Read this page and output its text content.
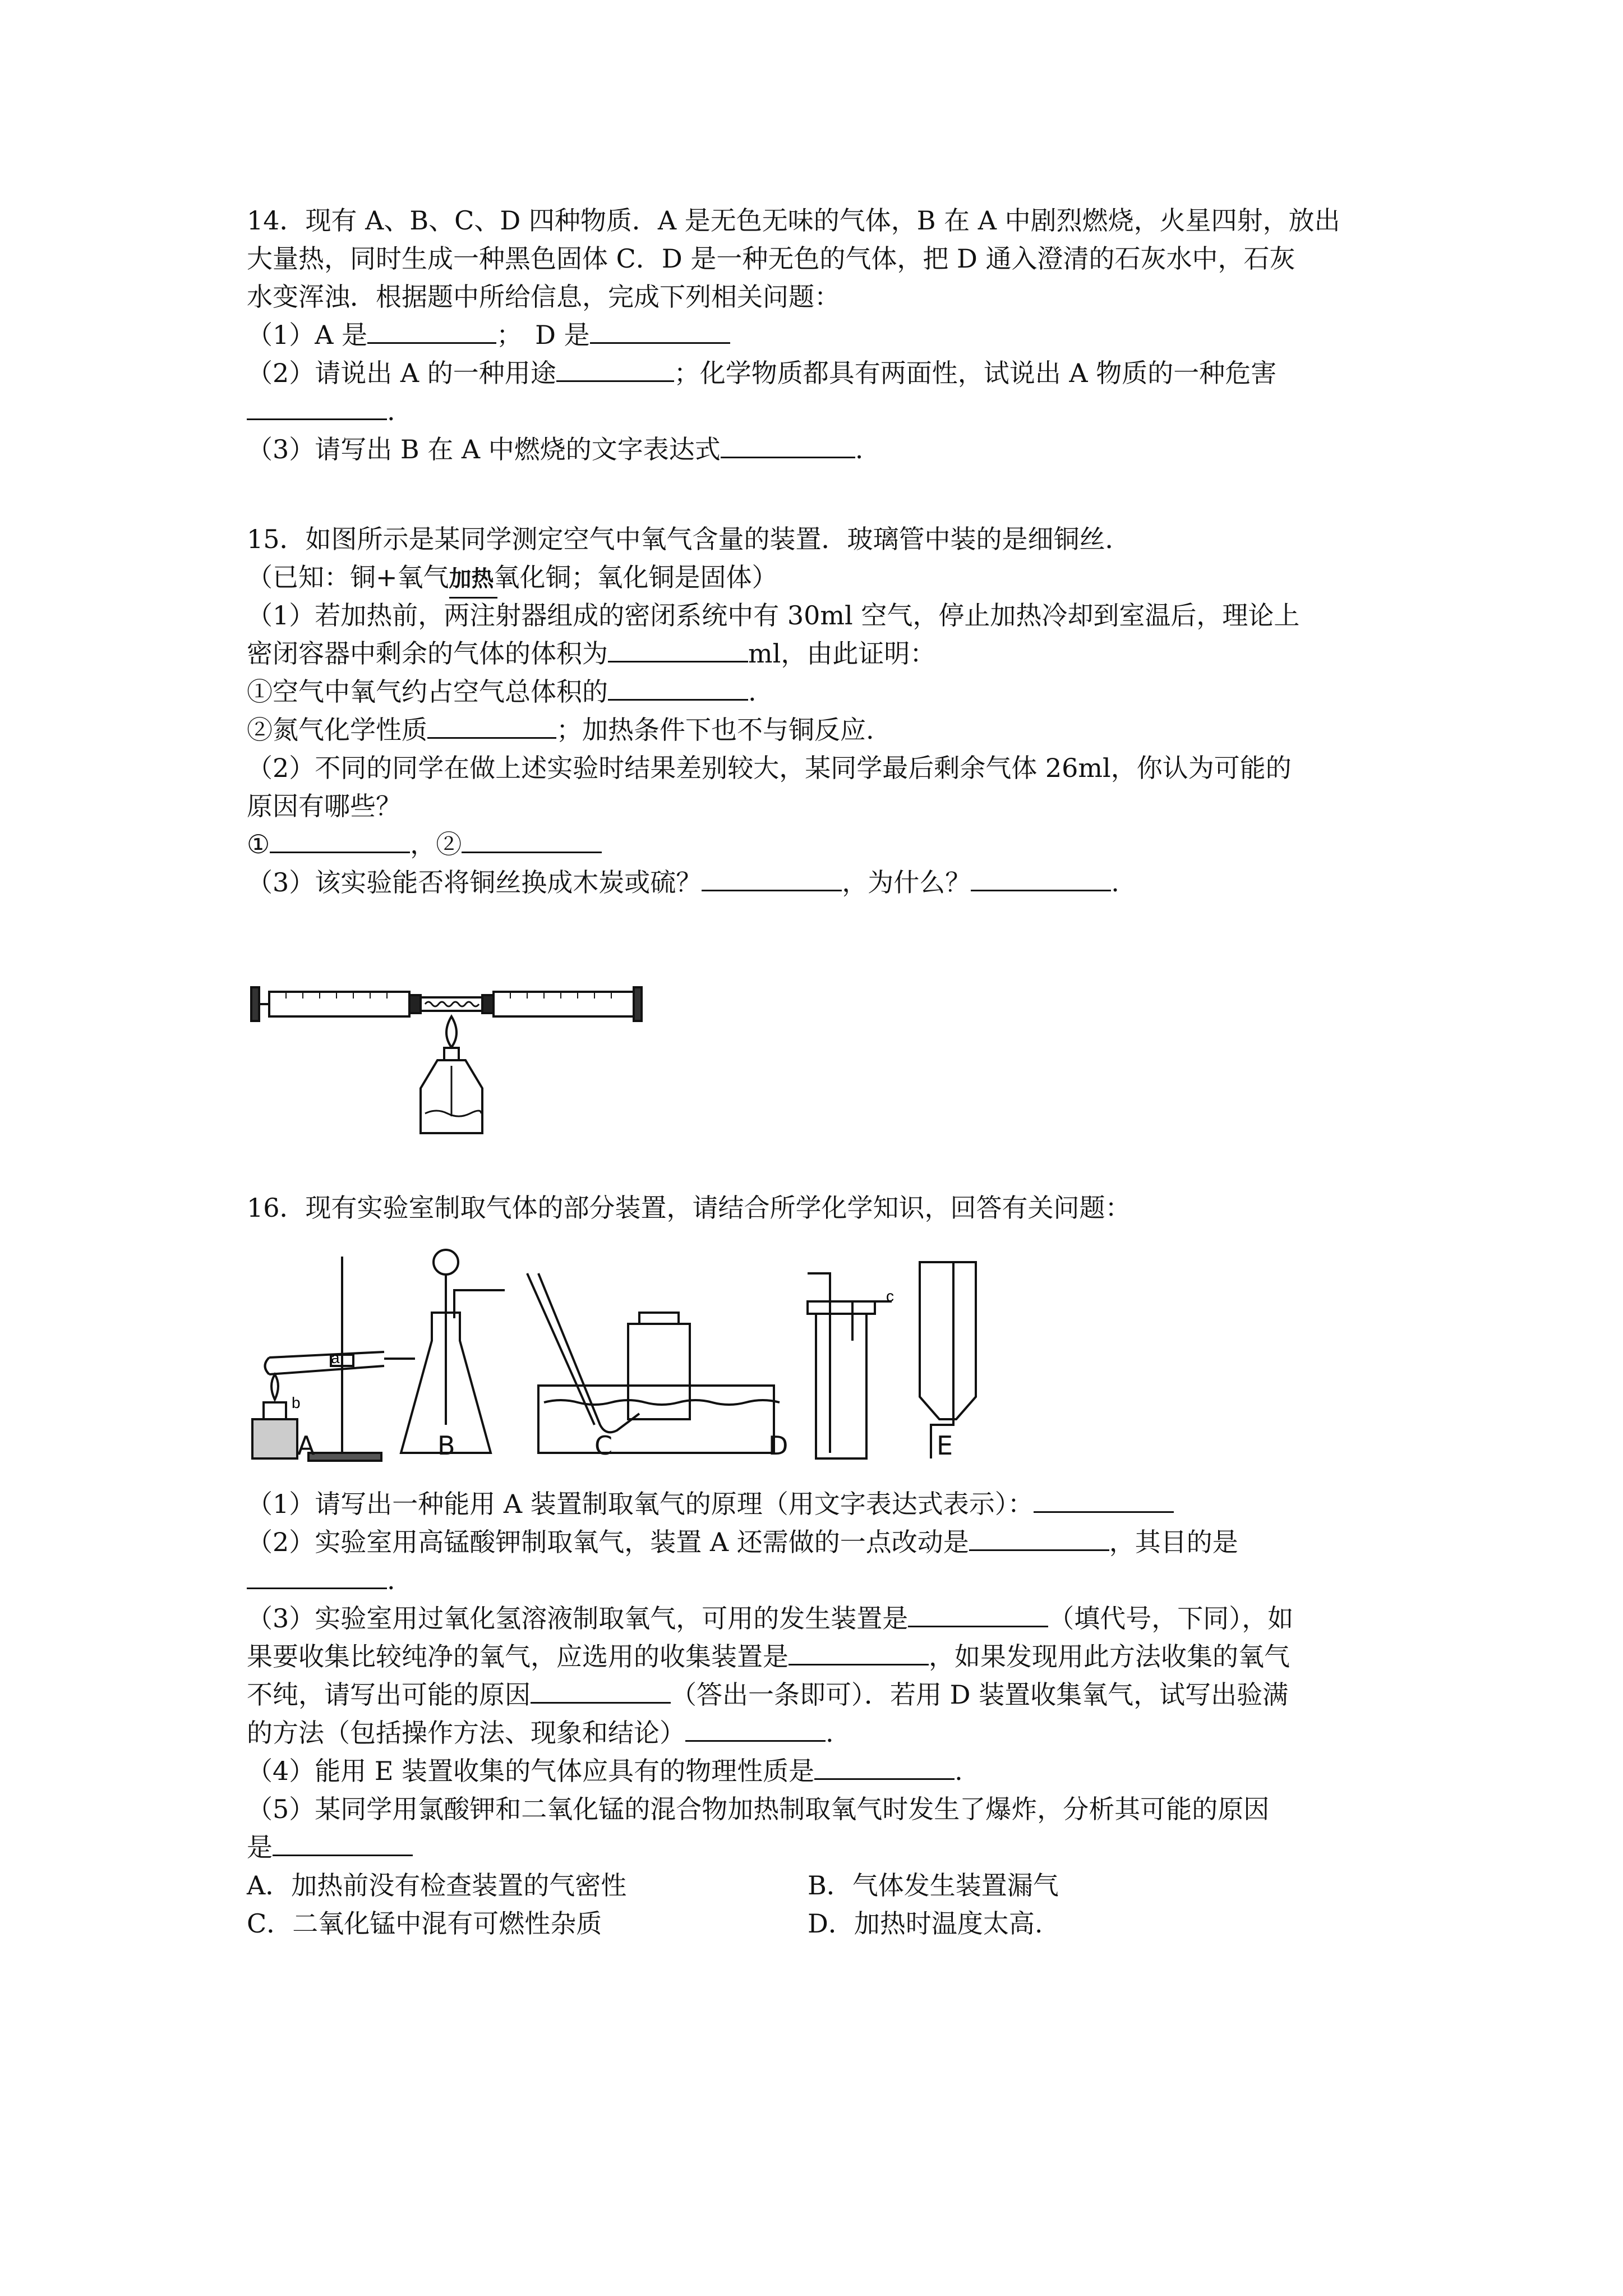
14．现有 A、B、C、D 四种物质．A 是无色无味的气体，B 在 A 中剧烈燃烧，火星四射，放出
大量热，同时生成一种黑色固体 C．D 是一种无色的气体，把 D 通入澄清的石灰水中，石灰
水变浑浊．根据题中所给信息，完成下列相关问题：
（1）A 是	；　D 是
（2）请说出 A 的一种用途	；化学物质都具有两面性，试说出 A 物质的一种危害
.
（3）请写出 B 在 A 中燃烧的文字表达式	.
15．如图所示是某同学测定空气中氧气含量的装置．玻璃管中装的是细铜丝．
（已知：铜+氧气加热氧化铜；氧化铜是固体）
（1）若加热前，两注射器组成的密闭系统中有 30ml 空气，停止加热冷却到室温后，理论上
密闭容器中剩余的气体的体积为	ml，由此证明：
①空气中氧气约占空气总体积的	.
②氮气化学性质	；加热条件下也不与铜反应.
（2）不同的同学在做上述实验时结果差别较大，某同学最后剩余气体 26ml，你认为可能的
原因有哪些？
①	，②
（3）该实验能否将铜丝换成木炭或硫？	，为什么？	.
16．现有实验室制取气体的部分装置，请结合所学化学知识，回答有关问题：
a
b
c
A	B	C	D	E
（1）请写出一种能用 A 装置制取氧气的原理（用文字表达式表示）：
（2）实验室用高锰酸钾制取氧气，装置 A 还需做的一点改动是	，其目的是
.
（3）实验室用过氧化氢溶液制取氧气，可用的发生装置是	（填代号，下同），如
果要收集比较纯净的氧气，应选用的收集装置是	，如果发现用此方法收集的氧气
不纯，请写出可能的原因	（答出一条即可）．若用 D 装置收集氧气，试写出验满
的方法（包括操作方法、现象和结论）	.
（4）能用 E 装置收集的气体应具有的物理性质是	.
（5）某同学用氯酸钾和二氧化锰的混合物加热制取氧气时发生了爆炸，分析其可能的原因
是
A．加热前没有检查装置的气密性	B．气体发生装置漏气
C．二氧化锰中混有可燃性杂质	D．加热时温度太高.
